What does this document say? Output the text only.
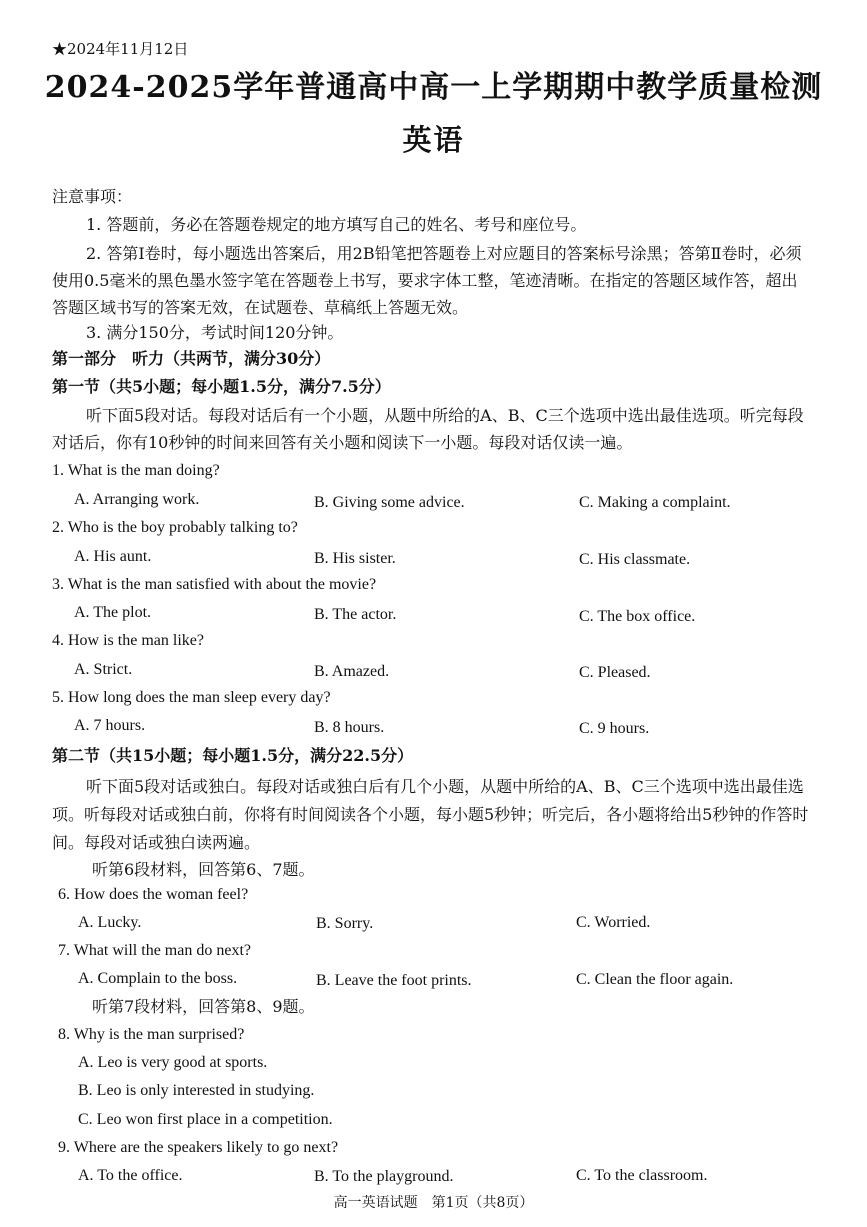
★2024年11月12日
2024-2025学年普通高中高一上学期期中教学质量检测
英语
注意事项：
1. 答题前，务必在答题卷规定的地方填写自己的姓名、考号和座位号。
2. 答第Ⅰ卷时，每小题选出答案后，用2B铅笔把答题卷上对应题目的答案标号涂黑；答第Ⅱ卷时，必须使用0.5毫米的黑色墨水签字笔在答题卷上书写，要求字体工整，笔迹清晰。在指定的答题区域作答，超出答题区域书写的答案无效，在试题卷、草稿纸上答题无效。
3. 满分150分，考试时间120分钟。
第一部分　听力（共两节，满分30分）
第一节（共5小题；每小题1.5分，满分7.5分）
听下面5段对话。每段对话后有一个小题，从题中所给的A、B、C三个选项中选出最佳选项。听完每段对话后，你有10秒钟的时间来回答有关小题和阅读下一小题。每段对话仅读一遍。
1. What is the man doing?
A. Arranging work.	B. Giving some advice.	C. Making a complaint.
2. Who is the boy probably talking to?
A. His aunt.	B. His sister.	C. His classmate.
3. What is the man satisfied with about the movie?
A. The plot.	B. The actor.	C. The box office.
4. How is the man like?
A. Strict.	B. Amazed.	C. Pleased.
5. How long does the man sleep every day?
A. 7 hours.	B. 8 hours.	C. 9 hours.
第二节（共15小题；每小题1.5分，满分22.5分）
听下面5段对话或独白。每段对话或独白后有几个小题，从题中所给的A、B、C三个选项中选出最佳选项。听每段对话或独白前，你将有时间阅读各个小题，每小题5秒钟；听完后，各小题将给出5秒钟的作答时间。每段对话或独白读两遍。
听第6段材料，回答第6、7题。
6. How does the woman feel?
A. Lucky.	B. Sorry.	C. Worried.
7. What will the man do next?
A. Complain to the boss.	B. Leave the foot prints.	C. Clean the floor again.
听第7段材料，回答第8、9题。
8. Why is the man surprised?
A. Leo is very good at sports.
B. Leo is only interested in studying.
C. Leo won first place in a competition.
9. Where are the speakers likely to go next?
A. To the office.	B. To the playground.	C. To the classroom.
高一英语试题　第1页（共8页）
